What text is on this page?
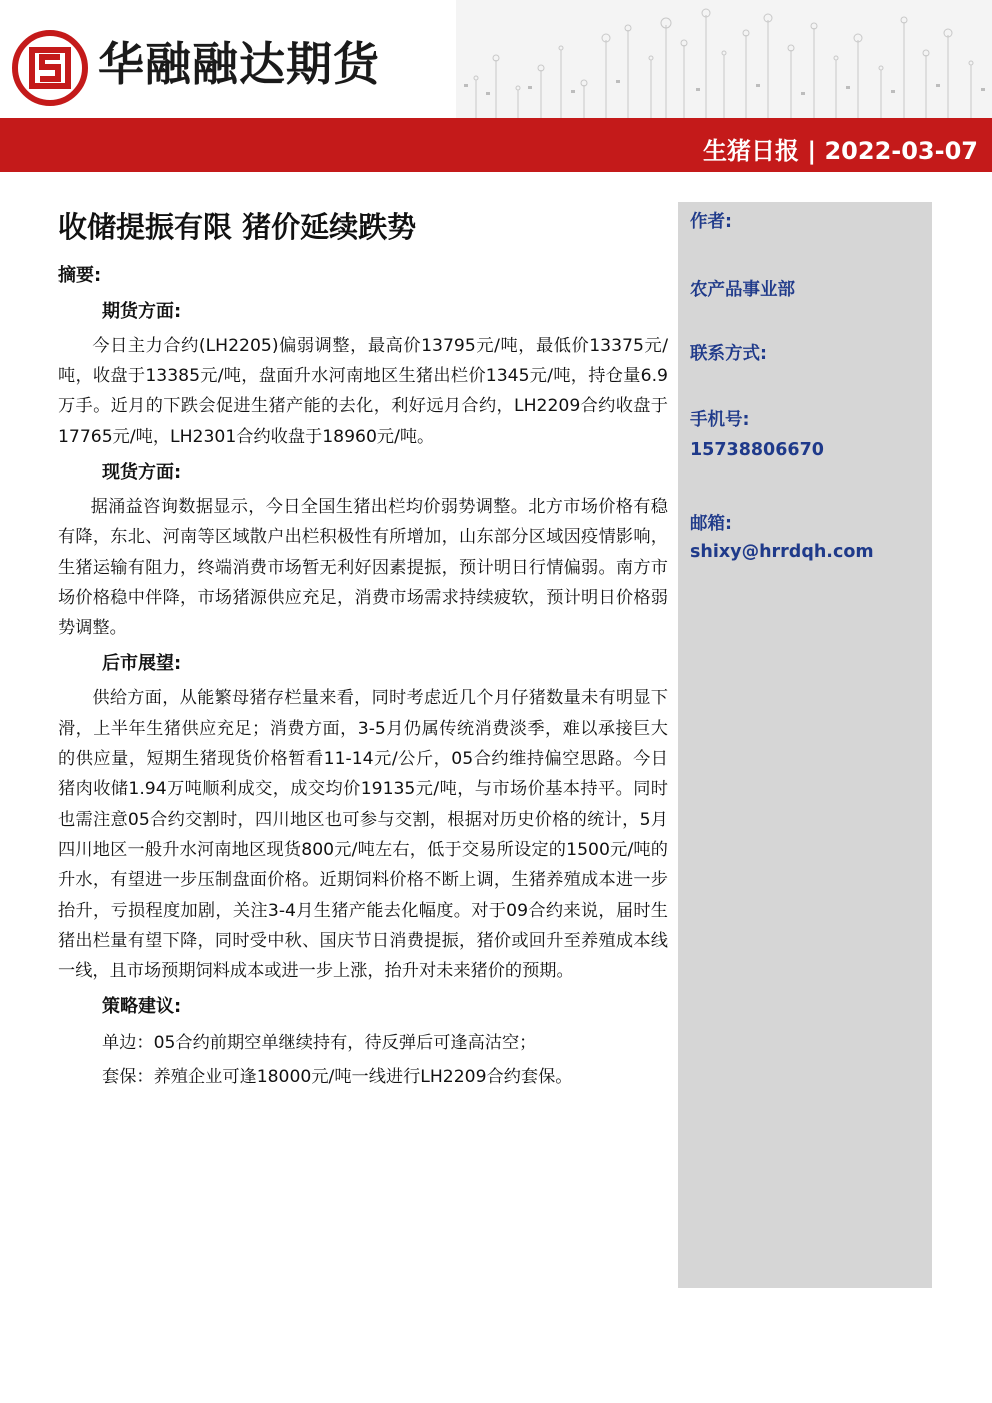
华融融达期货
生猪日报 | 2022-03-07
收储提振有限 猪价延续跌势
摘要:
期货方面:

今日主力合约(LH2205)偏弱调整，最高价13795元/吨，最低价13375元/吨，收盘于13385元/吨，盘面升水河南地区生猪出栏价1345元/吨，持仓量6.9万手。近月的下跌会促进生猪产能的去化，利好远月合约，LH2209合约收盘于17765元/吨，LH2301合约收盘于18960元/吨。

现货方面:

据涌益咨询数据显示，今日全国生猪出栏均价弱势调整。北方市场价格有稳有降，东北、河南等区域散户出栏积极性有所增加，山东部分区域因疫情影响，生猪运输有阻力，终端消费市场暂无利好因素提振，预计明日行情偏弱。南方市场价格稳中伴降，市场猪源供应充足，消费市场需求持续疲软，预计明日价格弱势调整。

后市展望:

供给方面，从能繁母猪存栏量来看，同时考虑近几个月仔猪数量未有明显下滑，上半年生猪供应充足；消费方面，3-5月仍属传统消费淡季，难以承接巨大的供应量，短期生猪现货价格暂看11-14元/公斤，05合约维持偏空思路。今日猪肉收储1.94万吨顺利成交，成交均价19135元/吨，与市场价基本持平。同时也需注意05合约交割时，四川地区也可参与交割，根据对历史价格的统计，5月四川地区一般升水河南地区现货800元/吨左右，低于交易所设定的1500元/吨的升水，有望进一步压制盘面价格。近期饲料价格不断上调，生猪养殖成本进一步抬升，亏损程度加剧，关注3-4月生猪产能去化幅度。对于09合约来说，届时生猪出栏量有望下降，同时受中秋、国庆节日消费提振，猪价或回升至养殖成本线一线，且市场预期饲料成本或进一步上涨，抬升对未来猪价的预期。

策略建议:
单边：05合约前期空单继续持有，待反弹后可逢高沽空；
套保：养殖企业可逢18000元/吨一线进行LH2209合约套保。
作者:
农产品事业部
联系方式:
手机号:
15738806670
邮箱:
shixy@hrrdqh.com
